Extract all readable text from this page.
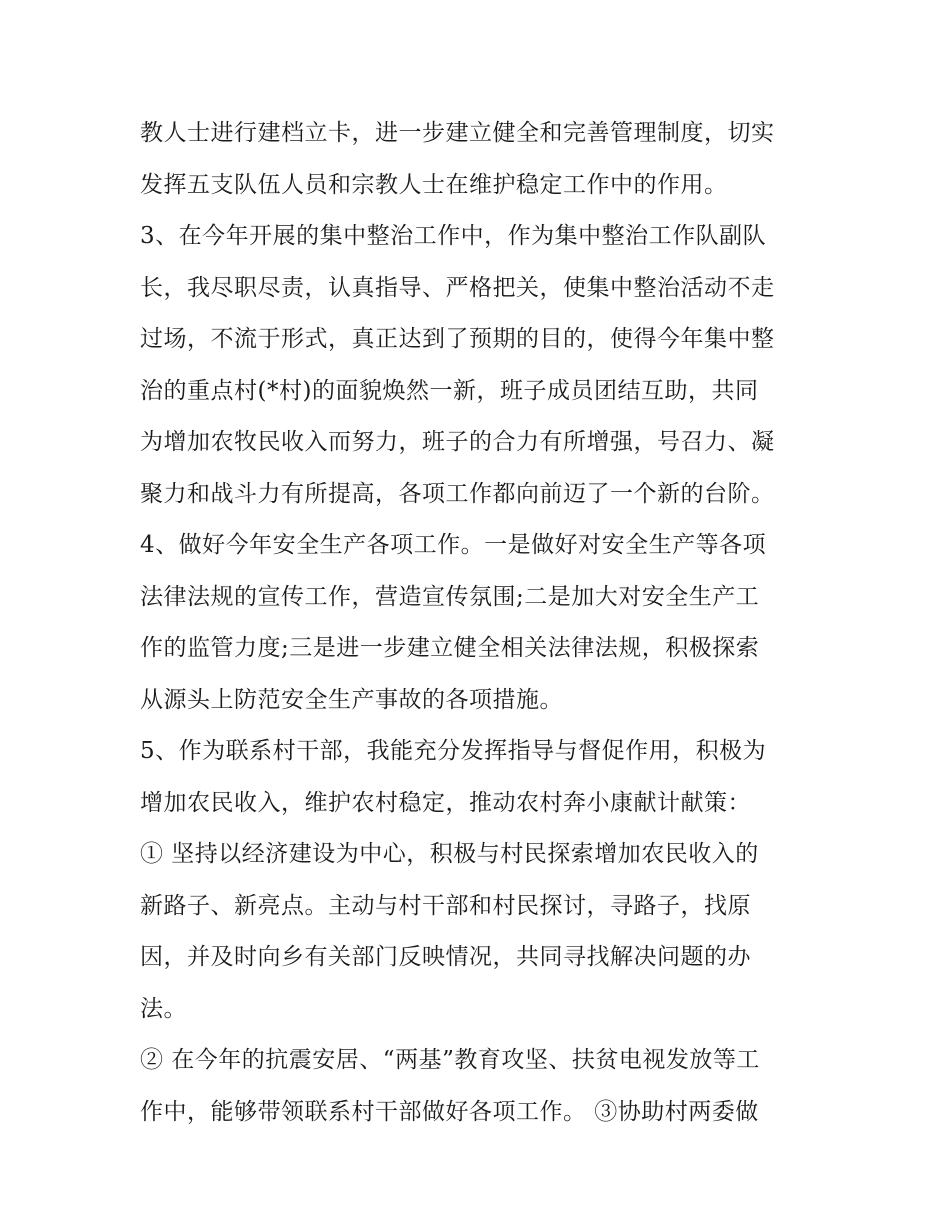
教人士进行建档立卡，进一步建立健全和完善管理制度，切实
发挥五支队伍人员和宗教人士在维护稳定工作中的作用。
3、在今年开展的集中整治工作中，作为集中整治工作队副队
长，我尽职尽责，认真指导、严格把关，使集中整治活动不走
过场，不流于形式，真正达到了预期的目的，使得今年集中整
治的重点村(*村)的面貌焕然一新，班子成员团结互助，共同
为增加农牧民收入而努力，班子的合力有所增强，号召力、凝
聚力和战斗力有所提高，各项工作都向前迈了一个新的台阶。
4、做好今年安全生产各项工作。一是做好对安全生产等各项
法律法规的宣传工作，营造宣传氛围;二是加大对安全生产工
作的监管力度;三是进一步建立健全相关法律法规，积极探索
从源头上防范安全生产事故的各项措施。
5、作为联系村干部，我能充分发挥指导与督促作用，积极为
增加农民收入，维护农村稳定，推动农村奔小康献计献策：
① 坚持以经济建设为中心，积极与村民探索增加农民收入的
新路子、新亮点。主动与村干部和村民探讨，寻路子，找原
因，并及时向乡有关部门反映情况，共同寻找解决问题的办
法。
② 在今年的抗震安居、“两基”教育攻坚、扶贫电视发放等工
作中，能够带领联系村干部做好各项工作。 ③协助村两委做
